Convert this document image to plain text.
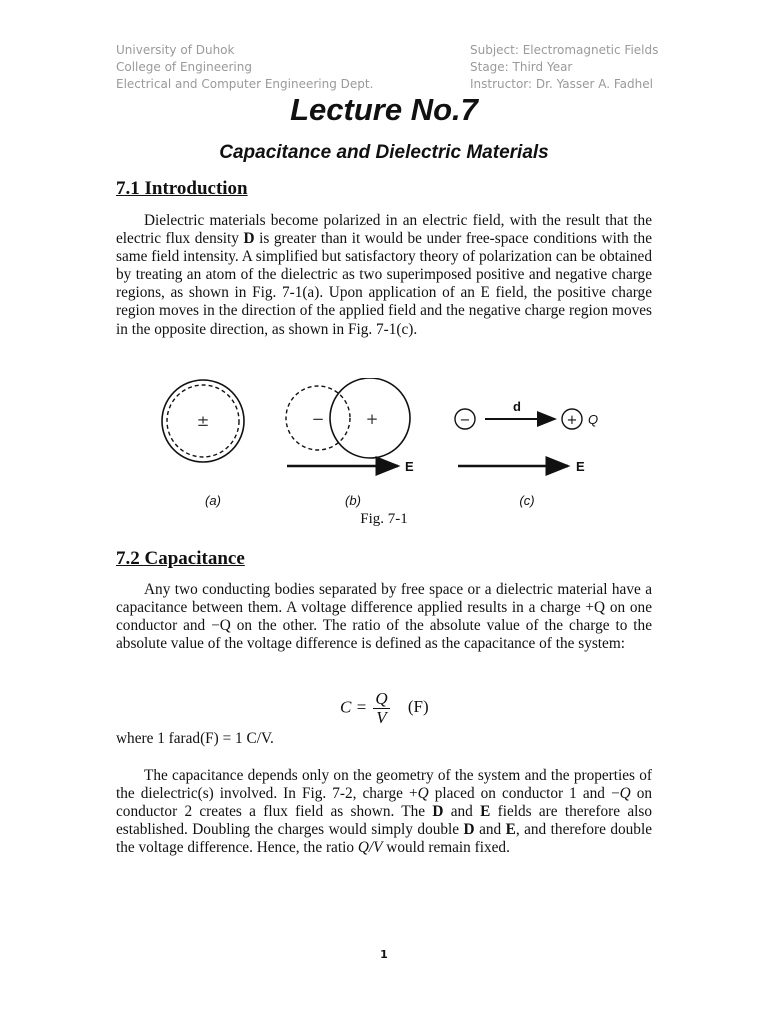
University of Duhok
College of Engineering
Electrical and Computer Engineering Dept.
Subject: Electromagnetic Fields
Stage: Third Year
Instructor: Dr. Yasser A. Fadhel
Lecture No.7
Capacitance and Dielectric Materials
7.1 Introduction

Dielectric materials become polarized in an electric field, with the result that the electric flux density D is greater than it would be under free-space conditions with the same field intensity. A simplified but satisfactory theory of polarization can be obtained by treating an atom of the dielectric as two superimposed positive and negative charge regions, as shown in Fig. 7-1(a). Upon application of an E field, the positive charge region moves in the direction of the applied field and the negative charge region moves in the opposite direction, as shown in Fig. 7-1(c).

±
(a)
−	+
E
(b)
−
d
+ Q
E
(c)
Fig. 7-1
7.2 Capacitance

Any two conducting bodies separated by free space or a dielectric material have a capacitance between them. A voltage difference applied results in a charge +Q on one conductor and −Q on the other. The ratio of the absolute value of the charge to the absolute value of the voltage difference is defined as the capacitance of the system:

$C = \frac{Q}{V} (F)$
where 1 farad(F) = 1 C/V.

The capacitance depends only on the geometry of the system and the properties of the dielectric(s) involved. In Fig. 7-2, charge +Q placed on conductor 1 and −Q on conductor 2 creates a flux field as shown. The D and E fields are therefore also established. Doubling the charges would simply double D and E, and therefore double the voltage difference. Hence, the ratio Q/V would remain fixed.

1
